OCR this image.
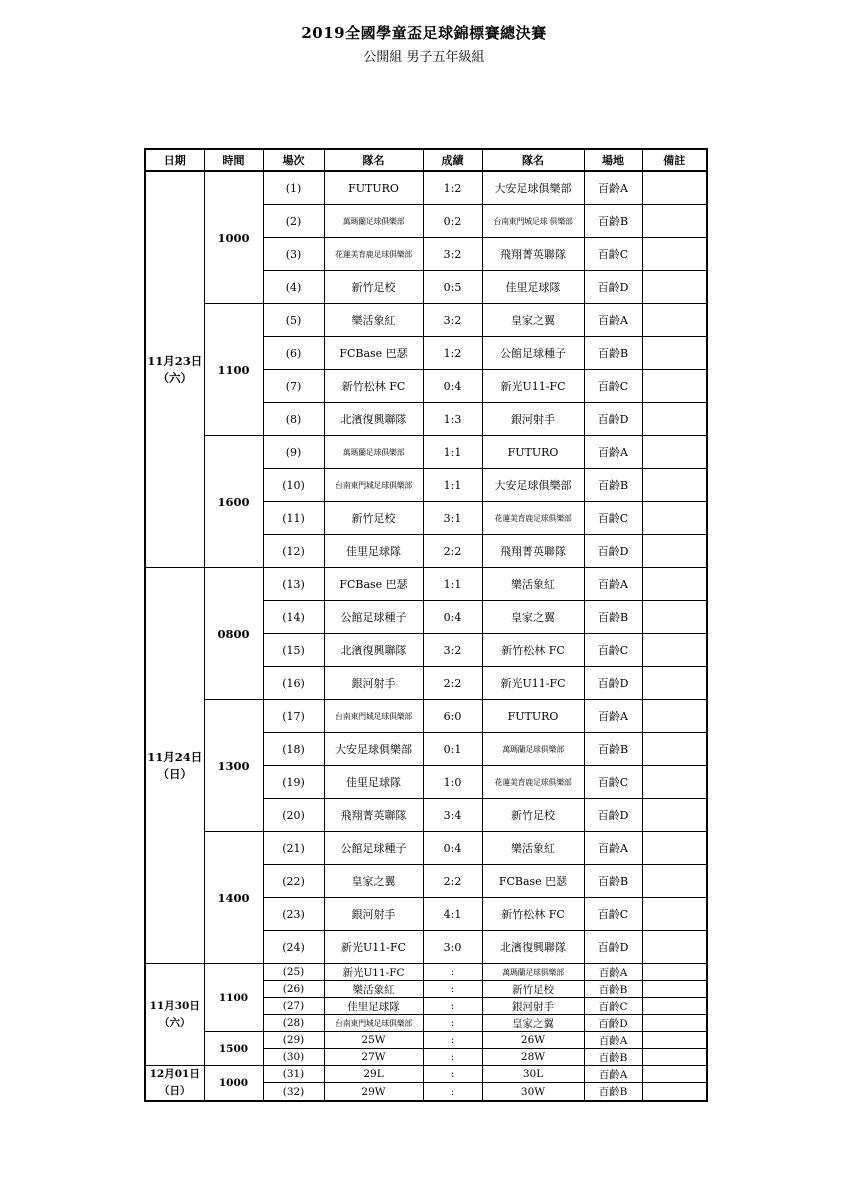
2019全國學童盃足球錦標賽總決賽
公開組 男子五年級組
日期	時間	場次	隊名	成績	隊名	場地	備註

11月23日
（六）	1000	(1)	FUTURO	1:2	大安足球俱樂部	百齡A	
		(2)	萬瑪蘭足球俱樂部	0:2	台南東門城足球 俱樂部	百齡B	
		(3)	花蓮美育鹿足球俱樂部	3:2	飛翔菁英聯隊	百齡C	
		(4)	新竹足校	0:5	佳里足球隊	百齡D	
	1100	(5)	樂活象紅	3:2	皇家之翼	百齡A	
		(6)	FCBase 巴瑟	1:2	公館足球種子	百齡B	
		(7)	新竹松林 FC	0:4	新光U11-FC	百齡C	
		(8)	北濱復興聯隊	1:3	銀河射手	百齡D	
	1600	(9)	萬瑪蘭足球俱樂部	1:1	FUTURO	百齡A	
		(10)	台南東門城足球俱樂部	1:1	大安足球俱樂部	百齡B	
		(11)	新竹足校	3:1	花蓮美育鹿足球俱樂部	百齡C	
		(12)	佳里足球隊	2:2	飛翔菁英聯隊	百齡D	

11月24日
（日）	0800	(13)	FCBase 巴瑟	1:1	樂活象紅	百齡A	
		(14)	公館足球種子	0:4	皇家之翼	百齡B	
		(15)	北濱復興聯隊	3:2	新竹松林 FC	百齡C	
		(16)	銀河射手	2:2	新光U11-FC	百齡D	
	1300	(17)	台南東門城足球俱樂部	6:0	FUTURO	百齡A	
		(18)	大安足球俱樂部	0:1	萬瑪蘭足球俱樂部	百齡B	
		(19)	佳里足球隊	1:0	花蓮美育鹿足球俱樂部	百齡C	
		(20)	飛翔菁英聯隊	3:4	新竹足校	百齡D	
	1400	(21)	公館足球種子	0:4	樂活象紅	百齡A	
		(22)	皇家之翼	2:2	FCBase 巴瑟	百齡B	
		(23)	銀河射手	4:1	新竹松林 FC	百齡C	
		(24)	新光U11-FC	3:0	北濱復興聯隊	百齡D	

11月30日
（六）	1100	(25)	新光U11-FC	:	萬瑪蘭足球俱樂部	百齡A	
		(26)	樂活象紅	:	新竹足校	百齡B	
		(27)	佳里足球隊	:	銀河射手	百齡C	
		(28)	台南東門城足球俱樂部	:	皇家之翼	百齡D	
	1500	(29)	25W	:	26W	百齡A	
		(30)	27W	:	28W	百齡B	

12月01日
（日）	1000	(31)	29L	:	30L	百齡A	
		(32)	29W	:	30W	百齡B	
